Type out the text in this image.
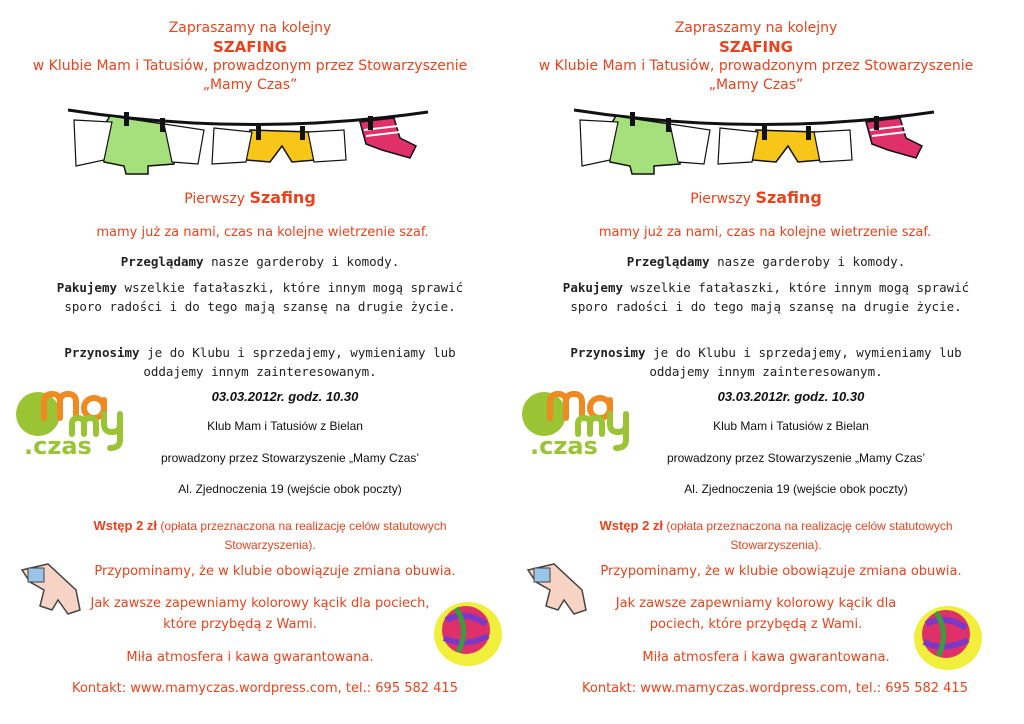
Zapraszamy na kolejny
SZAFING
w Klubie Mam i Tatusiów, prowadzonym przez Stowarzyszenie
„Mamy Czas”
Pierwszy Szafing
mamy już za nami, czas na kolejne wietrzenie szaf.
Przeglądamy nasze garderoby i komody.
Pakujemy wszelkie fatałaszki, które innym mogą sprawić sporo radości i do tego mają szansę na drugie życie.
Przynosimy je do Klubu i sprzedajemy, wymieniamy lub oddajemy innym zainteresowanym.
.czas
03.03.2012r. godz. 10.30
Klub Mam i Tatusiów z Bielan
prowadzony przez Stowarzyszenie „Mamy Czas’
Al. Zjednoczenia 19 (wejście obok poczty)
Wstęp 2 zł (opłata przeznaczona na realizację celów statutowych Stowarzyszenia).
Przypominamy, że w klubie obowiązuje zmiana obuwia.
Jak zawsze zapewniamy kolorowy kącik dla pociech,
które przybędą z Wami.
Miła atmosfera i kawa gwarantowana.
Kontakt: www.mamyczas.wordpress.com, tel.: 695 582 415
Zapraszamy na kolejny
SZAFING
w Klubie Mam i Tatusiów, prowadzonym przez Stowarzyszenie
„Mamy Czas”
Pierwszy Szafing
mamy już za nami, czas na kolejne wietrzenie szaf.
Przeglądamy nasze garderoby i komody.
Pakujemy wszelkie fatałaszki, które innym mogą sprawić sporo radości i do tego mają szansę na drugie życie.
Przynosimy je do Klubu i sprzedajemy, wymieniamy lub oddajemy innym zainteresowanym.
.czas
03.03.2012r. godz. 10.30
Klub Mam i Tatusiów z Bielan
prowadzony przez Stowarzyszenie „Mamy Czas’
Al. Zjednoczenia 19 (wejście obok poczty)
Wstęp 2 zł (opłata przeznaczona na realizację celów statutowych Stowarzyszenia).
Przypominamy, że w klubie obowiązuje zmiana obuwia.
Jak zawsze zapewniamy kolorowy kącik dla
pociech, które przybędą z Wami.
Miła atmosfera i kawa gwarantowana.
Kontakt: www.mamyczas.wordpress.com, tel.: 695 582 415
